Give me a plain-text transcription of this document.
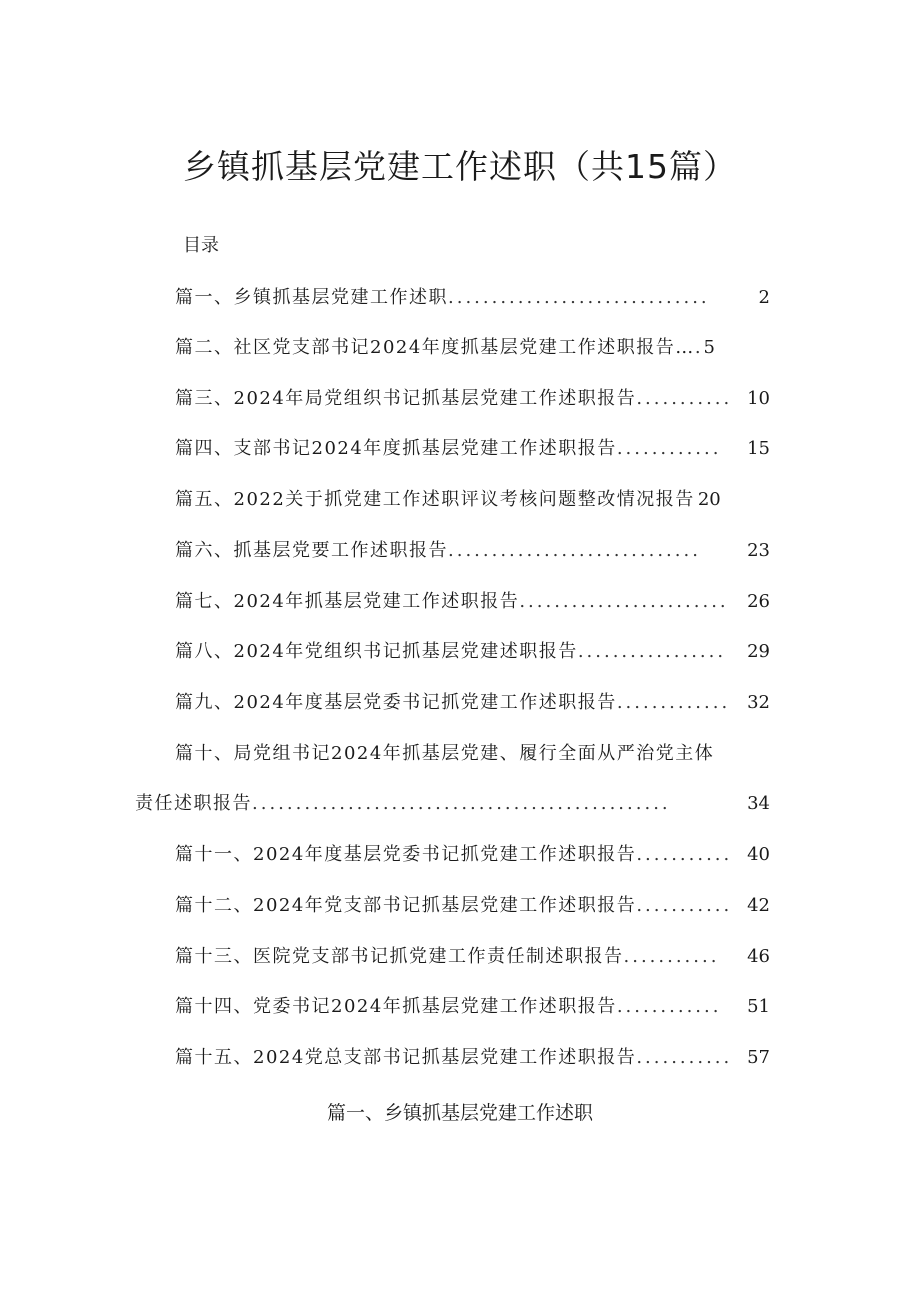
乡镇抓基层党建工作述职（共15篇）
目录
篇一、乡镇抓基层党建工作述职 ..............................	2
篇二、社区党支部书记2024年度抓基层党建工作述职报告… . 5
篇三、2024年局党组织书记抓基层党建工作述职报告 ........... 10
篇四、支部书记2024年度抓基层党建工作述职报告 ............	15
篇五、2022关于抓党建工作述职评议考核问题整改情况报告 20
篇六、抓基层党要工作述职报告 .............................	23
篇七、2024年抓基层党建工作述职报告 ........................	26
篇八、2024年党组织书记抓基层党建述职报告 .................	29
篇九、2024年度基层党委书记抓党建工作述职报告 ............. 32
篇十、局党组书记2024年抓基层党建、履行全面从严治党主体
责任述职报告 ................................................	34
篇十一、2024年度基层党委书记抓党建工作述职报告 ........... 40
篇十二、2024年党支部书记抓基层党建工作述职报告 ........... 42
篇十三、医院党支部书记抓党建工作责任制述职报告 ...........	46
篇十四、党委书记2024年抓基层党建工作述职报告 ............	51
篇十五、2024党总支部书记抓基层党建工作述职报告 ........... 57
篇一、乡镇抓基层党建工作述职
